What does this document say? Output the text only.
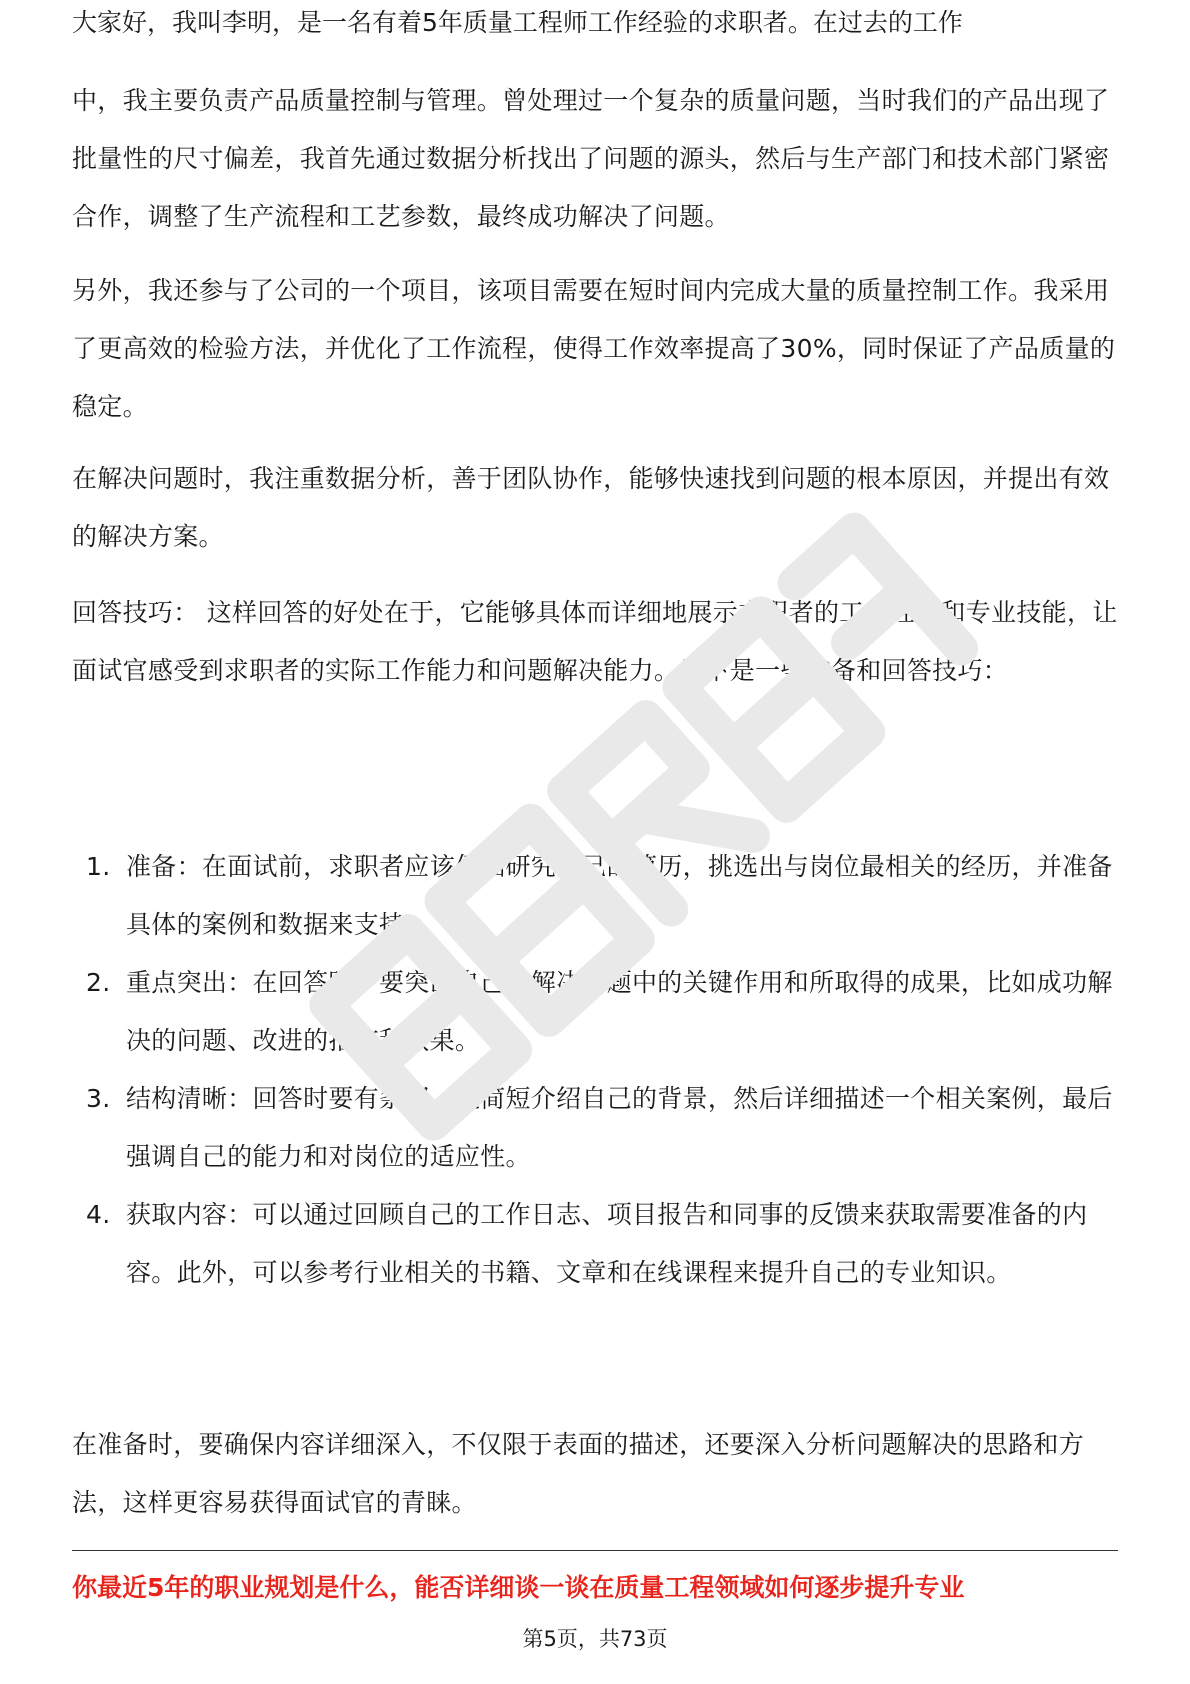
大家好，我叫李明，是一名有着5年质量工程师工作经验的求职者。在过去的工作

中，我主要负责产品质量控制与管理。曾处理过一个复杂的质量问题，当时我们的产品出现了批量性的尺寸偏差，我首先通过数据分析找出了问题的源头，然后与生产部门和技术部门紧密合作，调整了生产流程和工艺参数，最终成功解决了问题。

另外，我还参与了公司的一个项目，该项目需要在短时间内完成大量的质量控制工作。我采用了更高效的检验方法，并优化了工作流程，使得工作效率提高了30%，同时保证了产品质量的稳定。

在解决问题时，我注重数据分析，善于团队协作，能够快速找到问题的根本原因，并提出有效的解决方案。

回答技巧： 这样回答的好处在于，它能够具体而详细地展示求职者的工作经验和专业技能，让面试官感受到求职者的实际工作能力和问题解决能力。以下是一些准备和回答技巧：

1. 准备：在面试前，求职者应该仔细研究自己的简历，挑选出与岗位最相关的经历，并准备具体的案例和数据来支持。
2. 重点突出：在回答时，要突出自己在解决问题中的关键作用和所取得的成果，比如成功解决的问题、改进的措施和效果。
3. 结构清晰：回答时要有条理，先简短介绍自己的背景，然后详细描述一个相关案例，最后强调自己的能力和对岗位的适应性。
4. 获取内容：可以通过回顾自己的工作日志、项目报告和同事的反馈来获取需要准备的内容。此外，可以参考行业相关的书籍、文章和在线课程来提升自己的专业知识。

在准备时，要确保内容详细深入，不仅限于表面的描述，还要深入分析问题解决的思路和方法，这样更容易获得面试官的青睐。

你最近5年的职业规划是什么，能否详细谈一谈在质量工程领域如何逐步提升专业
第5页，共73页
